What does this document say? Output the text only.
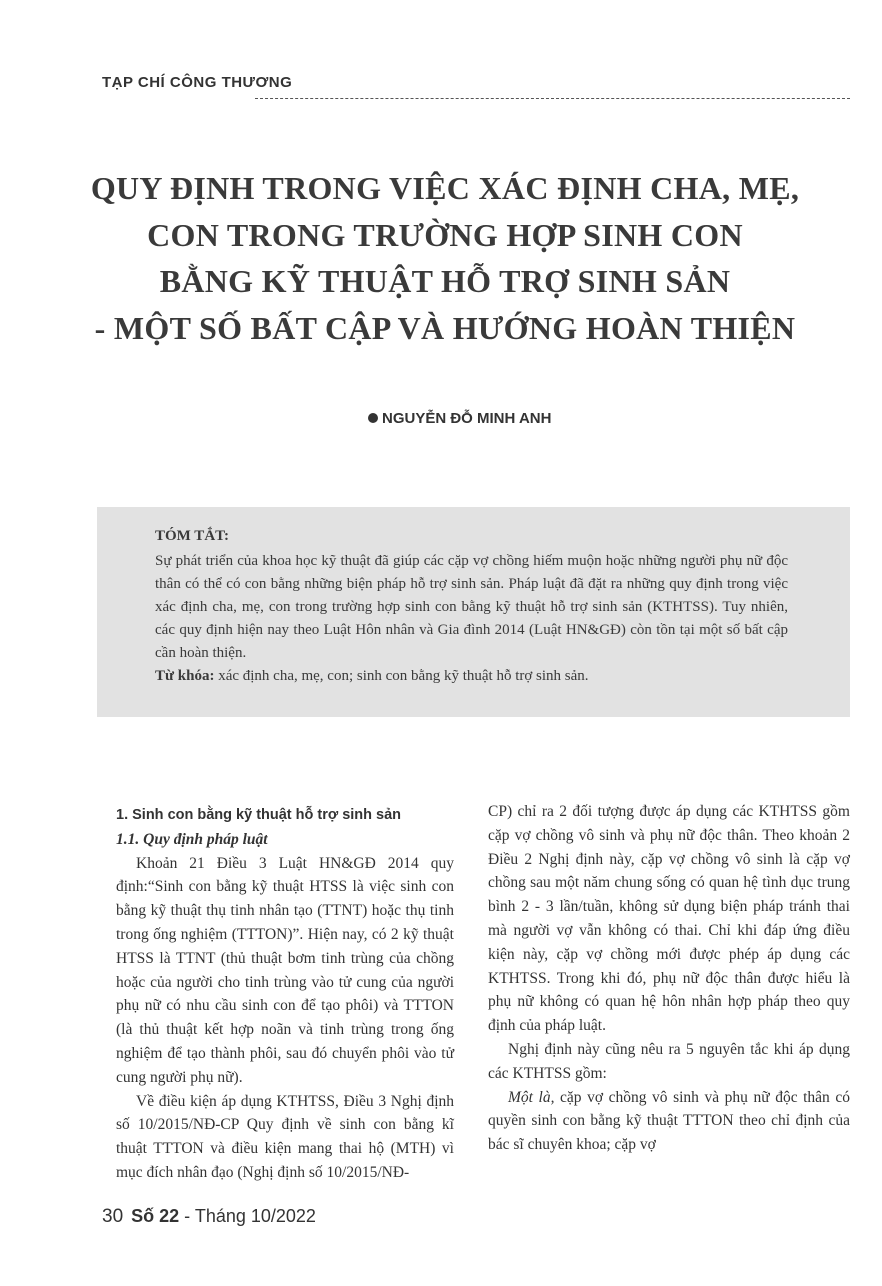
TẠP CHÍ CÔNG THƯƠNG
QUY ĐỊNH TRONG VIỆC XÁC ĐỊNH CHA, MẸ,
CON TRONG TRƯỜNG HỢP SINH CON
BẰNG KỸ THUẬT HỖ TRỢ SINH SẢN
- MỘT SỐ BẤT CẬP VÀ HƯỚNG HOÀN THIỆN
NGUYỄN ĐỖ MINH ANH
TÓM TẮT:
Sự phát triển của khoa học kỹ thuật đã giúp các cặp vợ chồng hiếm muộn hoặc những người phụ nữ độc thân có thể có con bằng những biện pháp hỗ trợ sinh sản. Pháp luật đã đặt ra những quy định trong việc xác định cha, mẹ, con trong trường hợp sinh con bằng kỹ thuật hỗ trợ sinh sản (KTHTSS). Tuy nhiên, các quy định hiện nay theo Luật Hôn nhân và Gia đình 2014 (Luật HN&GĐ) còn tồn tại một số bất cập cần hoàn thiện.
Từ khóa: xác định cha, mẹ, con; sinh con bằng kỹ thuật hỗ trợ sinh sản.

1. Sinh con bằng kỹ thuật hỗ trợ sinh sản

1.1. Quy định pháp luật

Khoản 21 Điều 3 Luật HN&GĐ 2014 quy định:“Sinh con bằng kỹ thuật HTSS là việc sinh con bằng kỹ thuật thụ tinh nhân tạo (TTNT) hoặc thụ tinh trong ống nghiệm (TTTON)”. Hiện nay, có 2 kỹ thuật HTSS là TTNT (thủ thuật bơm tinh trùng của chồng hoặc của người cho tinh trùng vào tử cung của người phụ nữ có nhu cầu sinh con để tạo phôi) và TTTON (là thủ thuật kết hợp noãn và tinh trùng trong ống nghiệm để tạo thành phôi, sau đó chuyển phôi vào tử cung người phụ nữ).

Về điều kiện áp dụng KTHTSS, Điều 3 Nghị định số 10/2015/NĐ-CP Quy định về sinh con bằng kĩ thuật TTTON và điều kiện mang thai hộ (MTH) vì mục đích nhân đạo (Nghị định số 10/2015/NĐ-

CP) chỉ ra 2 đối tượng được áp dụng các KTHTSS gồm cặp vợ chồng vô sinh và phụ nữ độc thân. Theo khoản 2 Điều 2 Nghị định này, cặp vợ chồng vô sinh là cặp vợ chồng sau một năm chung sống có quan hệ tình dục trung bình 2 - 3 lần/tuần, không sử dụng biện pháp tránh thai mà người vợ vẫn không có thai. Chỉ khi đáp ứng điều kiện này, cặp vợ chồng mới được phép áp dụng các KTHTSS. Trong khi đó, phụ nữ độc thân được hiểu là phụ nữ không có quan hệ hôn nhân hợp pháp theo quy định của pháp luật.

Nghị định này cũng nêu ra 5 nguyên tắc khi áp dụng các KTHTSS gồm:

Một là, cặp vợ chồng vô sinh và phụ nữ độc thân có quyền sinh con bằng kỹ thuật TTTON theo chỉ định của bác sĩ chuyên khoa; cặp vợ

30 Số 22 - Tháng 10/2022
